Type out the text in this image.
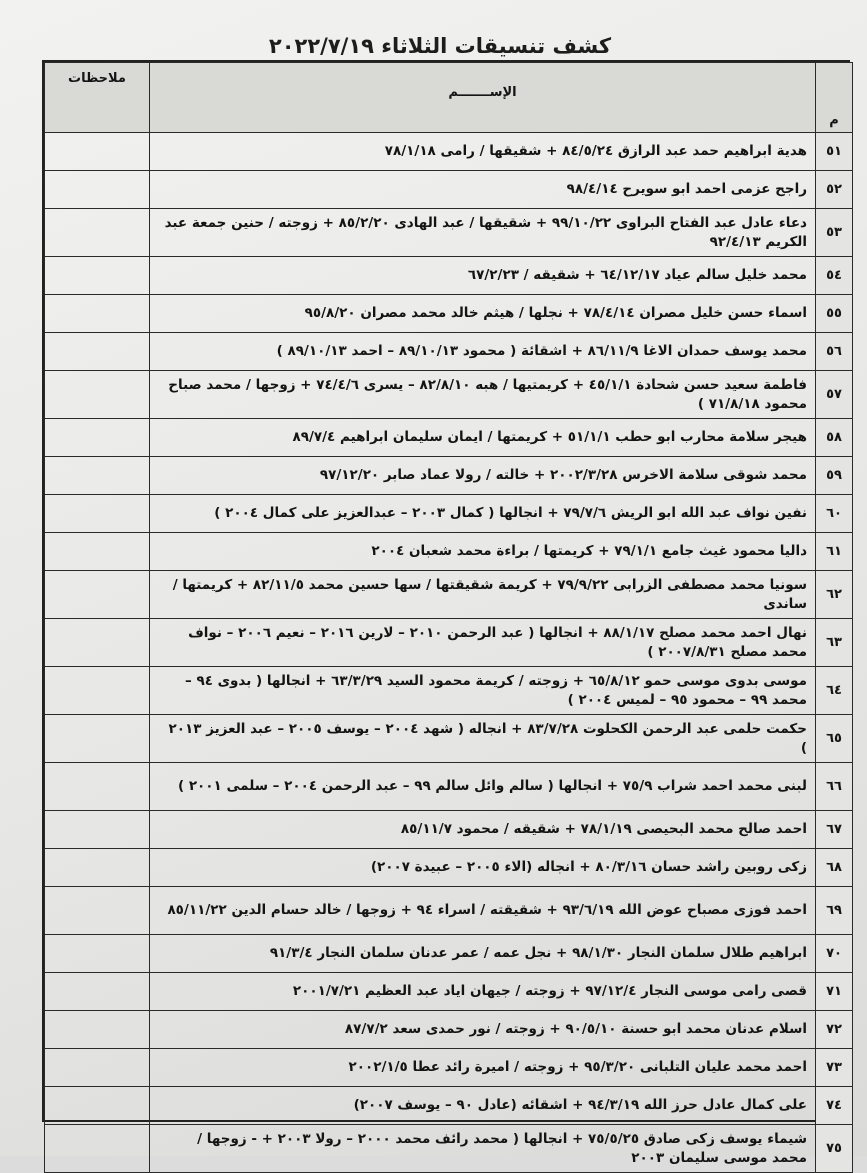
كشف تنسيقات الثلاثاء ٢٠٢٢/٧/١٩
م	الإســـــــم	ملاحظات
٥١	هدية ابراهيم حمد عبد الرازق ٨٤/٥/٢٤ + شقيقها / رامى ٧٨/١/١٨	
٥٢	راجح عزمى احمد ابو سويرح ٩٨/٤/١٤	
٥٣	دعاء عادل عبد الفتاح البراوى ٩٩/١٠/٢٢ + شقيقها / عبد الهادى ٨٥/٢/٢٠ + زوجته / حنين جمعة عبد الكريم ٩٢/٤/١٣	
٥٤	محمد خليل سالم عياد ٦٤/١٢/١٧ + شقيقه / ٦٧/٢/٢٣	
٥٥	اسماء حسن خليل مصران ٧٨/٤/١٤ + نجلها / هيثم خالد محمد مصران ٩٥/٨/٢٠	
٥٦	محمد يوسف حمدان الاغا ٨٦/١١/٩ + اشقائة ( محمود ٨٩/١٠/١٣ – احمد ٨٩/١٠/١٣ )	
٥٧	فاطمة سعيد حسن شحادة ٤٥/١/١ + كريمتيها / هبه ٨٢/٨/١٠ – يسرى ٧٤/٤/٦ + زوجها / محمد صباح محمود ٧١/٨/١٨ )	
٥٨	هيجر سلامة محارب ابو حطب ٥١/١/١ + كريمتها / ايمان سليمان ابراهيم ٨٩/٧/٤	
٥٩	محمد شوقى سلامة الاخرس ٢٠٠٢/٣/٢٨ + خالته / رولا عماد صابر ٩٧/١٢/٢٠	
٦٠	نفين نواف عبد الله ابو الريش ٧٩/٧/٦ + انجالها ( كمال ٢٠٠٣ – عبدالعزيز على كمال ٢٠٠٤ )	
٦١	داليا محمود غيث جامع ٧٩/١/١ + كريمتها / براءة محمد شعبان ٢٠٠٤	
٦٢	سونيا محمد مصطفى الزرابى ٧٩/٩/٢٢ + كريمة شقيقتها / سها حسين محمد ٨٢/١١/٥ + كريمتها / ساندى	
٦٣	نهال احمد محمد مصلح ٨٨/١/١٧ + انجالها ( عبد الرحمن ٢٠١٠ – لارين ٢٠١٦ – نعيم ٢٠٠٦ – نواف محمد مصلح ٢٠٠٧/٨/٣١ )	
٦٤	موسى بدوى موسى حمو ٦٥/٨/١٢ + زوجته / كريمة محمود السيد ٦٣/٣/٢٩ + انجالها ( بدوى ٩٤ – محمد ٩٩ – محمود ٩٥ – لميس ٢٠٠٤ )	
٦٥	حكمت حلمى عبد الرحمن الكحلوت ٨٣/٧/٢٨ + انجاله ( شهد ٢٠٠٤ – يوسف ٢٠٠٥ – عبد العزيز ٢٠١٣ )	
٦٦	لبنى محمد احمد شراب ٧٥/٩ + انجالها ( سالم وائل سالم ٩٩ – عبد الرحمن ٢٠٠٤ – سلمى ٢٠٠١ )	
٦٧	احمد صالح محمد البحيصى ٧٨/١/١٩ + شقيقه / محمود ٨٥/١١/٧	
٦٨	زكى روبين راشد حسان ٨٠/٣/١٦ + انجاله (الاء ٢٠٠٥ – عبيدة ٢٠٠٧)	
٦٩	احمد فوزى مصباح عوض الله ٩٣/٦/١٩ + شقيقته / اسراء ٩٤ + زوجها / خالد حسام الدين ٨٥/١١/٢٢	
٧٠	ابراهيم طلال سلمان النجار ٩٨/١/٣٠ + نجل عمه / عمر عدنان سلمان النجار ٩١/٣/٤	
٧١	قصى رامى موسى النجار ٩٧/١٢/٤ + زوجته / جيهان اياد عبد العظيم ٢٠٠١/٧/٢١	
٧٢	اسلام عدنان محمد ابو حسنة ٩٠/٥/١٠ + زوجته / نور حمدى سعد ٨٧/٧/٢	
٧٣	احمد محمد عليان التلبانى ٩٥/٣/٢٠ + زوجته / اميرة رائد عطا ٢٠٠٢/١/٥	
٧٤	على كمال عادل حرز الله ٩٤/٣/١٩ + اشقائه (عادل ٩٠ – يوسف ٢٠٠٧)	
٧٥	شيماء يوسف زكى صادق ٧٥/٥/٢٥ + انجالها ( محمد رائف محمد ٢٠٠٠ – رولا ٢٠٠٣ + - زوجها / محمد موسى سليمان ٢٠٠٣	
